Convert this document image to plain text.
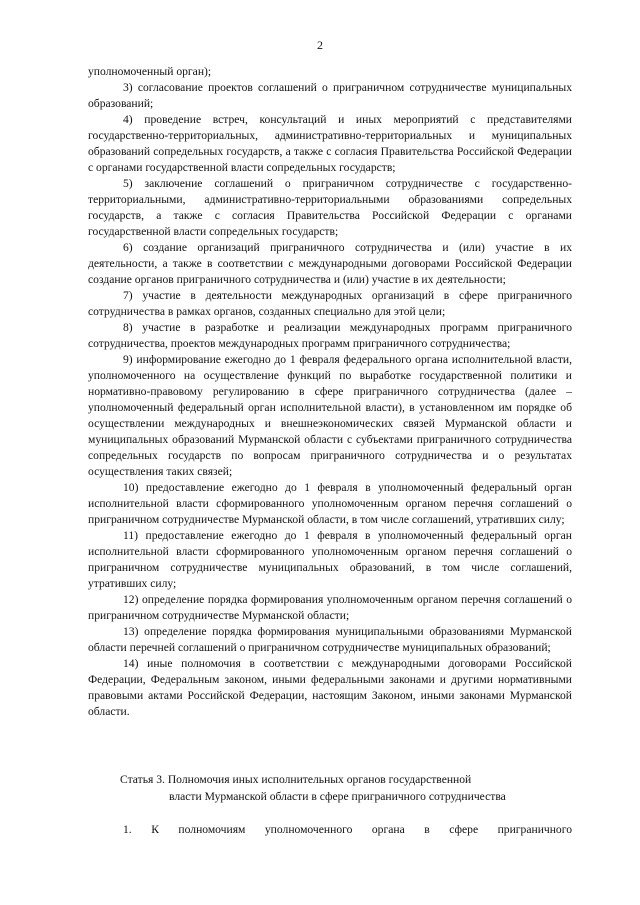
2

уполномоченный орган);

3) согласование проектов соглашений о приграничном сотрудничестве муниципальных образований;

4) проведение встреч, консультаций и иных мероприятий с представителями государственно-территориальных, административно-территориальных и муниципальных образований сопредельных государств, а также с согласия Правительства Российской Федерации с органами государственной власти сопредельных государств;

5) заключение соглашений о приграничном сотрудничестве с государственно-территориальными, административно-территориальными образованиями сопредельных государств, а также с согласия Правительства Российской Федерации с органами государственной власти сопредельных государств;

6) создание организаций приграничного сотрудничества и (или) участие в их деятельности, а также в соответствии с международными договорами Российской Федерации создание органов приграничного сотрудничества и (или) участие в их деятельности;

7) участие в деятельности международных организаций в сфере приграничного сотрудничества в рамках органов, созданных специально для этой цели;

8) участие в разработке и реализации международных программ приграничного сотрудничества, проектов международных программ приграничного сотрудничества;

9) информирование ежегодно до 1 февраля федерального органа исполнительной власти, уполномоченного на осуществление функций по выработке государственной политики и нормативно-правовому регулированию в сфере приграничного сотрудничества (далее – уполномоченный федеральный орган исполнительной власти), в установленном им порядке об осуществлении международных и внешнеэкономических связей Мурманской области и муниципальных образований Мурманской области с субъектами приграничного сотрудничества сопредельных государств по вопросам приграничного сотрудничества и о результатах осуществления таких связей;

10) предоставление ежегодно до 1 февраля в уполномоченный федеральный орган исполнительной власти сформированного уполномоченным органом перечня соглашений о приграничном сотрудничестве Мурманской области, в том числе соглашений, утративших силу;

11) предоставление ежегодно до 1 февраля в уполномоченный федеральный орган исполнительной власти сформированного уполномоченным органом перечня соглашений о приграничном сотрудничестве муниципальных образований, в том числе соглашений, утративших силу;

12) определение порядка формирования уполномоченным органом перечня соглашений о приграничном сотрудничестве Мурманской области;

13) определение порядка формирования муниципальными образованиями Мурманской области перечней соглашений о приграничном сотрудничестве муниципальных образований;

14) иные полномочия в соответствии с международными договорами Российской Федерации, Федеральным законом, иными федеральными законами и другими нормативными правовыми актами Российской Федерации, настоящим Законом, иными законами Мурманской области.

Статья 3. Полномочия иных исполнительных органов государственной
власти Мурманской области в сфере приграничного сотрудничества

1. К полномочиям уполномоченного органа в сфере приграничного
